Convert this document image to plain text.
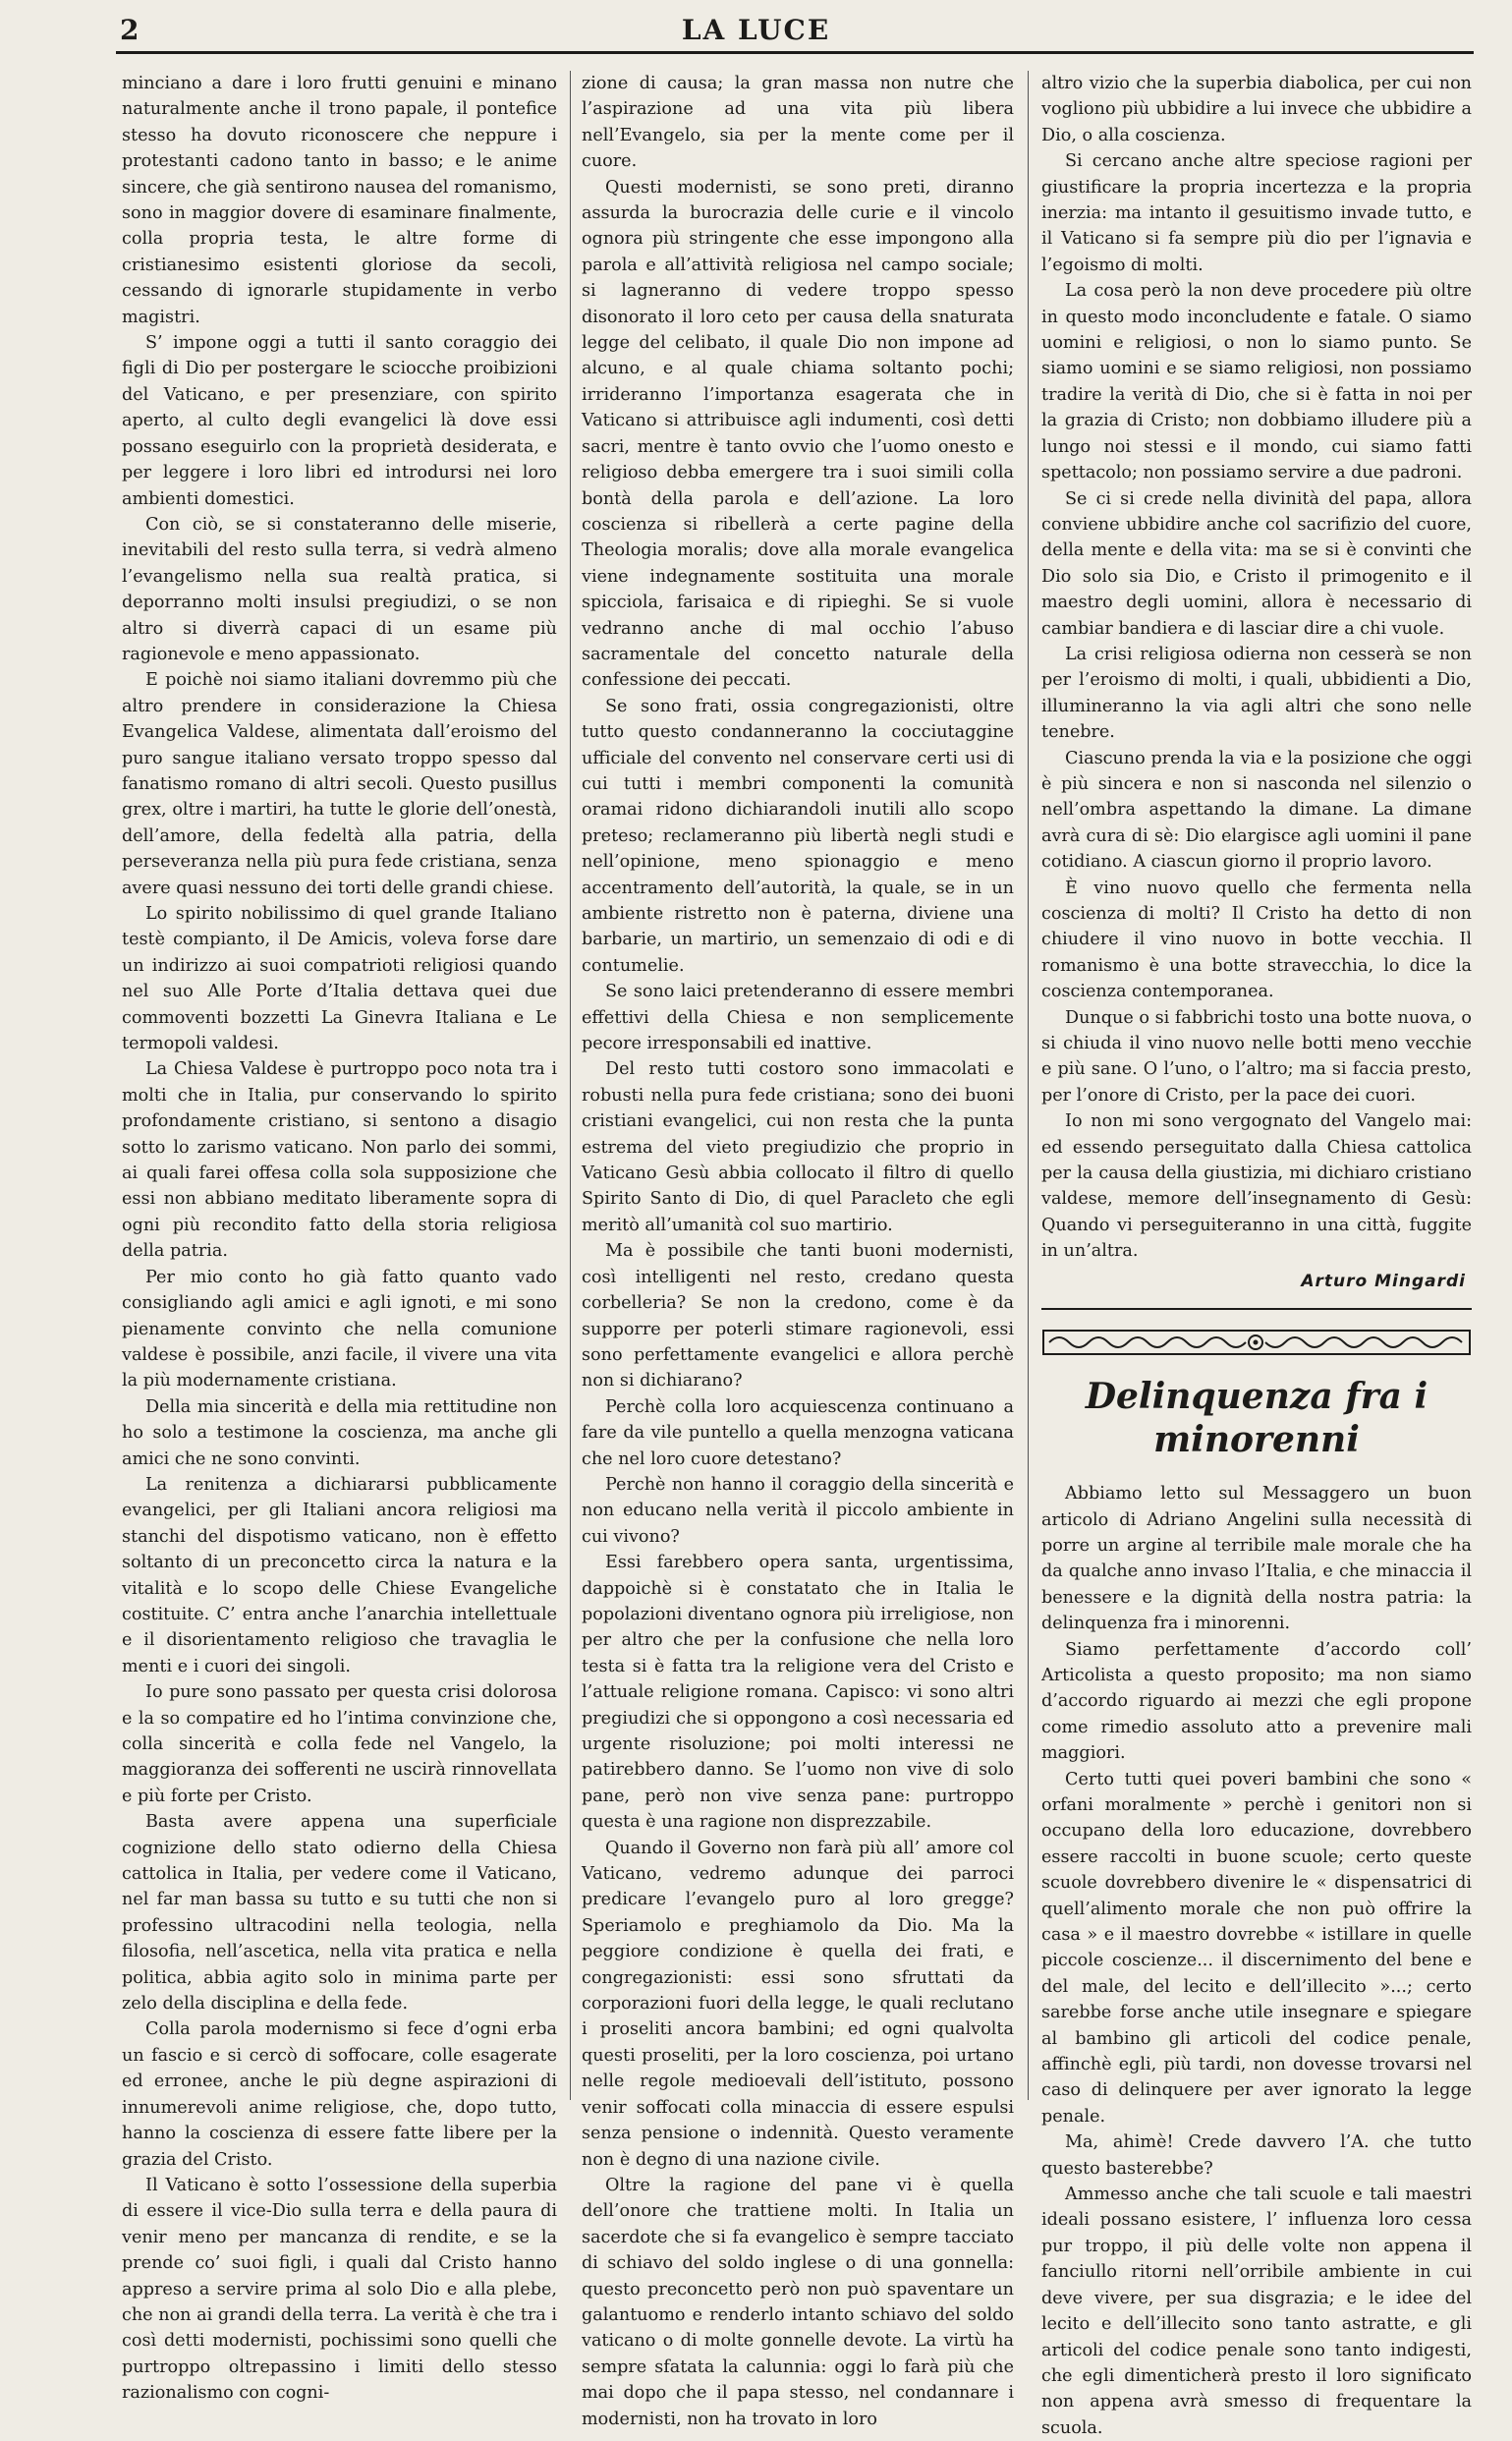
2	LA LUCE

minciano a dare i loro frutti genuini e minano naturalmente anche il trono papale, il pontefice stesso ha dovuto riconoscere che neppure i protestanti cadono tanto in basso; e le anime sincere, che già sentirono nausea del romanismo, sono in maggior dovere di esaminare finalmente, colla propria testa, le altre forme di cristianesimo esistenti gloriose da secoli, cessando di ignorarle stupidamente in verbo magistri.

S’ impone oggi a tutti il santo coraggio dei figli di Dio per postergare le sciocche proibizioni del Vaticano, e per presenziare, con spirito aperto, al culto degli evangelici là dove essi possano eseguirlo con la proprietà desiderata, e per leggere i loro libri ed introdursi nei loro ambienti domestici.

Con ciò, se si constateranno delle miserie, inevitabili del resto sulla terra, si vedrà almeno l’evangelismo nella sua realtà pratica, si deporranno molti insulsi pregiudizi, o se non altro si diverrà capaci di un esame più ragionevole e meno appassionato.

E poichè noi siamo italiani dovremmo più che altro prendere in considerazione la Chiesa Evangelica Valdese, alimentata dall’eroismo del puro sangue italiano versato troppo spesso dal fanatismo romano di altri secoli. Questo pusillus grex, oltre i martiri, ha tutte le glorie dell’onestà, dell’amore, della fedeltà alla patria, della perseveranza nella più pura fede cristiana, senza avere quasi nessuno dei torti delle grandi chiese.

Lo spirito nobilissimo di quel grande Italiano testè compianto, il De Amicis, voleva forse dare un indirizzo ai suoi compatrioti religiosi quando nel suo Alle Porte d’Italia dettava quei due commoventi bozzetti La Ginevra Italiana e Le termopoli valdesi.

La Chiesa Valdese è purtroppo poco nota tra i molti che in Italia, pur conservando lo spirito profondamente cristiano, si sentono a disagio sotto lo zarismo vaticano. Non parlo dei sommi, ai quali farei offesa colla sola supposizione che essi non abbiano meditato liberamente sopra di ogni più recondito fatto della storia religiosa della patria.

Per mio conto ho già fatto quanto vado consigliando agli amici e agli ignoti, e mi sono pienamente convinto che nella comunione valdese è possibile, anzi facile, il vivere una vita la più modernamente cristiana.

Della mia sincerità e della mia rettitudine non ho solo a testimone la coscienza, ma anche gli amici che ne sono convinti.

La renitenza a dichiararsi pubblicamente evangelici, per gli Italiani ancora religiosi ma stanchi del dispotismo vaticano, non è effetto soltanto di un preconcetto circa la natura e la vitalità e lo scopo delle Chiese Evangeliche costituite. C’ entra anche l’anarchia intellettuale e il disorientamento religioso che travaglia le menti e i cuori dei singoli.

Io pure sono passato per questa crisi dolorosa e la so compatire ed ho l’intima convinzione che, colla sincerità e colla fede nel Vangelo, la maggioranza dei sofferenti ne uscirà rinnovellata e più forte per Cristo.

Basta avere appena una superficiale cognizione dello stato odierno della Chiesa cattolica in Italia, per vedere come il Vaticano, nel far man bassa su tutto e su tutti che non si professino ultracodini nella teologia, nella filosofia, nell’ascetica, nella vita pratica e nella politica, abbia agito solo in minima parte per zelo della disciplina e della fede.

Colla parola modernismo si fece d’ogni erba un fascio e si cercò di soffocare, colle esagerate ed erronee, anche le più degne aspirazioni di innumerevoli anime religiose, che, dopo tutto, hanno la coscienza di essere fatte libere per la grazia del Cristo.

Il Vaticano è sotto l’ossessione della superbia di essere il vice-Dio sulla terra e della paura di venir meno per mancanza di rendite, e se la prende co’ suoi figli, i quali dal Cristo hanno appreso a servire prima al solo Dio e alla plebe, che non ai grandi della terra. La verità è che tra i così detti modernisti, pochissimi sono quelli che purtroppo oltrepassino i limiti dello stesso razionalismo con cogni-

zione di causa; la gran massa non nutre che l’aspirazione ad una vita più libera nell’Evangelo, sia per la mente come per il cuore.

Questi modernisti, se sono preti, diranno assurda la burocrazia delle curie e il vincolo ognora più stringente che esse impongono alla parola e all’attività religiosa nel campo sociale; si lagneranno di vedere troppo spesso disonorato il loro ceto per causa della snaturata legge del celibato, il quale Dio non impone ad alcuno, e al quale chiama soltanto pochi; irrideranno l’importanza esagerata che in Vaticano si attribuisce agli indumenti, così detti sacri, mentre è tanto ovvio che l’uomo onesto e religioso debba emergere tra i suoi simili colla bontà della parola e dell’azione. La loro coscienza si ribellerà a certe pagine della Theologia moralis; dove alla morale evangelica viene indegnamente sostituita una morale spicciola, farisaica e di ripieghi. Se si vuole vedranno anche di mal occhio l’abuso sacramentale del concetto naturale della confessione dei peccati.

Se sono frati, ossia congregazionisti, oltre tutto questo condanneranno la cocciutaggine ufficiale del convento nel conservare certi usi di cui tutti i membri componenti la comunità oramai ridono dichiarandoli inutili allo scopo preteso; reclameranno più libertà negli studi e nell’opinione, meno spionaggio e meno accentramento dell’autorità, la quale, se in un ambiente ristretto non è paterna, diviene una barbarie, un martirio, un semenzaio di odi e di contumelie.

Se sono laici pretenderanno di essere membri effettivi della Chiesa e non semplicemente pecore irresponsabili ed inattive.

Del resto tutti costoro sono immacolati e robusti nella pura fede cristiana; sono dei buoni cristiani evangelici, cui non resta che la punta estrema del vieto pregiudizio che proprio in Vaticano Gesù abbia collocato il filtro di quello Spirito Santo di Dio, di quel Paracleto che egli meritò all’umanità col suo martirio.

Ma è possibile che tanti buoni modernisti, così intelligenti nel resto, credano questa corbelleria? Se non la credono, come è da supporre per poterli stimare ragionevoli, essi sono perfettamente evangelici e allora perchè non si dichiarano?

Perchè colla loro acquiescenza continuano a fare da vile puntello a quella menzogna vaticana che nel loro cuore detestano?

Perchè non hanno il coraggio della sincerità e non educano nella verità il piccolo ambiente in cui vivono?

Essi farebbero opera santa, urgentissima, dappoichè si è constatato che in Italia le popolazioni diventano ognora più irreligiose, non per altro che per la confusione che nella loro testa si è fatta tra la religione vera del Cristo e l’attuale religione romana. Capisco: vi sono altri pregiudizi che si oppongono a così necessaria ed urgente risoluzione; poi molti interessi ne patirebbero danno. Se l’uomo non vive di solo pane, però non vive senza pane: purtroppo questa è una ragione non disprezzabile.

Quando il Governo non farà più all’ amore col Vaticano, vedremo adunque dei parroci predicare l’evangelo puro al loro gregge? Speriamolo e preghiamolo da Dio. Ma la peggiore condizione è quella dei frati, e congregazionisti: essi sono sfruttati da corporazioni fuori della legge, le quali reclutano i proseliti ancora bambini; ed ogni qualvolta questi proseliti, per la loro coscienza, poi urtano nelle regole medioevali dell’istituto, possono venir soffocati colla minaccia di essere espulsi senza pensione o indennità. Questo veramente non è degno di una nazione civile.

Oltre la ragione del pane vi è quella dell’onore che trattiene molti. In Italia un sacerdote che si fa evangelico è sempre tacciato di schiavo del soldo inglese o di una gonnella: questo preconcetto però non può spaventare un galantuomo e renderlo intanto schiavo del soldo vaticano o di molte gonnelle devote. La virtù ha sempre sfatata la calunnia: oggi lo farà più che mai dopo che il papa stesso, nel condannare i modernisti, non ha trovato in loro

altro vizio che la superbia diabolica, per cui non vogliono più ubbidire a lui invece che ubbidire a Dio, o alla coscienza.

Si cercano anche altre speciose ragioni per giustificare la propria incertezza e la propria inerzia: ma intanto il gesuitismo invade tutto, e il Vaticano si fa sempre più dio per l’ignavia e l’egoismo di molti.

La cosa però la non deve procedere più oltre in questo modo inconcludente e fatale. O siamo uomini e religiosi, o non lo siamo punto. Se siamo uomini e se siamo religiosi, non possiamo tradire la verità di Dio, che si è fatta in noi per la grazia di Cristo; non dobbiamo illudere più a lungo noi stessi e il mondo, cui siamo fatti spettacolo; non possiamo servire a due padroni.

Se ci si crede nella divinità del papa, allora conviene ubbidire anche col sacrifizio del cuore, della mente e della vita: ma se si è convinti che Dio solo sia Dio, e Cristo il primogenito e il maestro degli uomini, allora è necessario di cambiar bandiera e di lasciar dire a chi vuole.

La crisi religiosa odierna non cesserà se non per l’eroismo di molti, i quali, ubbidienti a Dio, illumineranno la via agli altri che sono nelle tenebre.

Ciascuno prenda la via e la posizione che oggi è più sincera e non si nasconda nel silenzio o nell’ombra aspettando la dimane. La dimane avrà cura di sè: Dio elargisce agli uomini il pane cotidiano. A ciascun giorno il proprio lavoro.

È vino nuovo quello che fermenta nella coscienza di molti? Il Cristo ha detto di non chiudere il vino nuovo in botte vecchia. Il romanismo è una botte stravecchia, lo dice la coscienza contemporanea.

Dunque o si fabbrichi tosto una botte nuova, o si chiuda il vino nuovo nelle botti meno vecchie e più sane. O l’uno, o l’altro; ma si faccia presto, per l’onore di Cristo, per la pace dei cuori.

Io non mi sono vergognato del Vangelo mai: ed essendo perseguitato dalla Chiesa cattolica per la causa della giustizia, mi dichiaro cristiano valdese, memore dell’insegnamento di Gesù: Quando vi perseguiteranno in una città, fuggite in un’altra.

Arturo Mingardi
Delinquenza fra i minorenni

Abbiamo letto sul Messaggero un buon articolo di Adriano Angelini sulla necessità di porre un argine al terribile male morale che ha da qualche anno invaso l’Italia, e che minaccia il benessere e la dignità della nostra patria: la delinquenza fra i minorenni.

Siamo perfettamente d’accordo coll’ Articolista a questo proposito; ma non siamo d’accordo riguardo ai mezzi che egli propone come rimedio assoluto atto a prevenire mali maggiori.

Certo tutti quei poveri bambini che sono « orfani moralmente » perchè i genitori non si occupano della loro educazione, dovrebbero essere raccolti in buone scuole; certo queste scuole dovrebbero divenire le « dispensatrici di quell’alimento morale che non può offrire la casa » e il maestro dovrebbe « istillare in quelle piccole coscienze... il discernimento del bene e del male, del lecito e dell’illecito »...; certo sarebbe forse anche utile insegnare e spiegare al bambino gli articoli del codice penale, affinchè egli, più tardi, non dovesse trovarsi nel caso di delinquere per aver ignorato la legge penale.

Ma, ahimè! Crede davvero l’A. che tutto questo basterebbe?

Ammesso anche che tali scuole e tali maestri ideali possano esistere, l’ influenza loro cessa pur troppo, il più delle volte non appena il fanciullo ritorni nell’orribile ambiente in cui deve vivere, per sua disgrazia; e le idee del lecito e dell’illecito sono tanto astratte, e gli articoli del codice penale sono tanto indigesti, che egli dimenticherà presto il loro significato non appena avrà smesso di frequentare la scuola.
